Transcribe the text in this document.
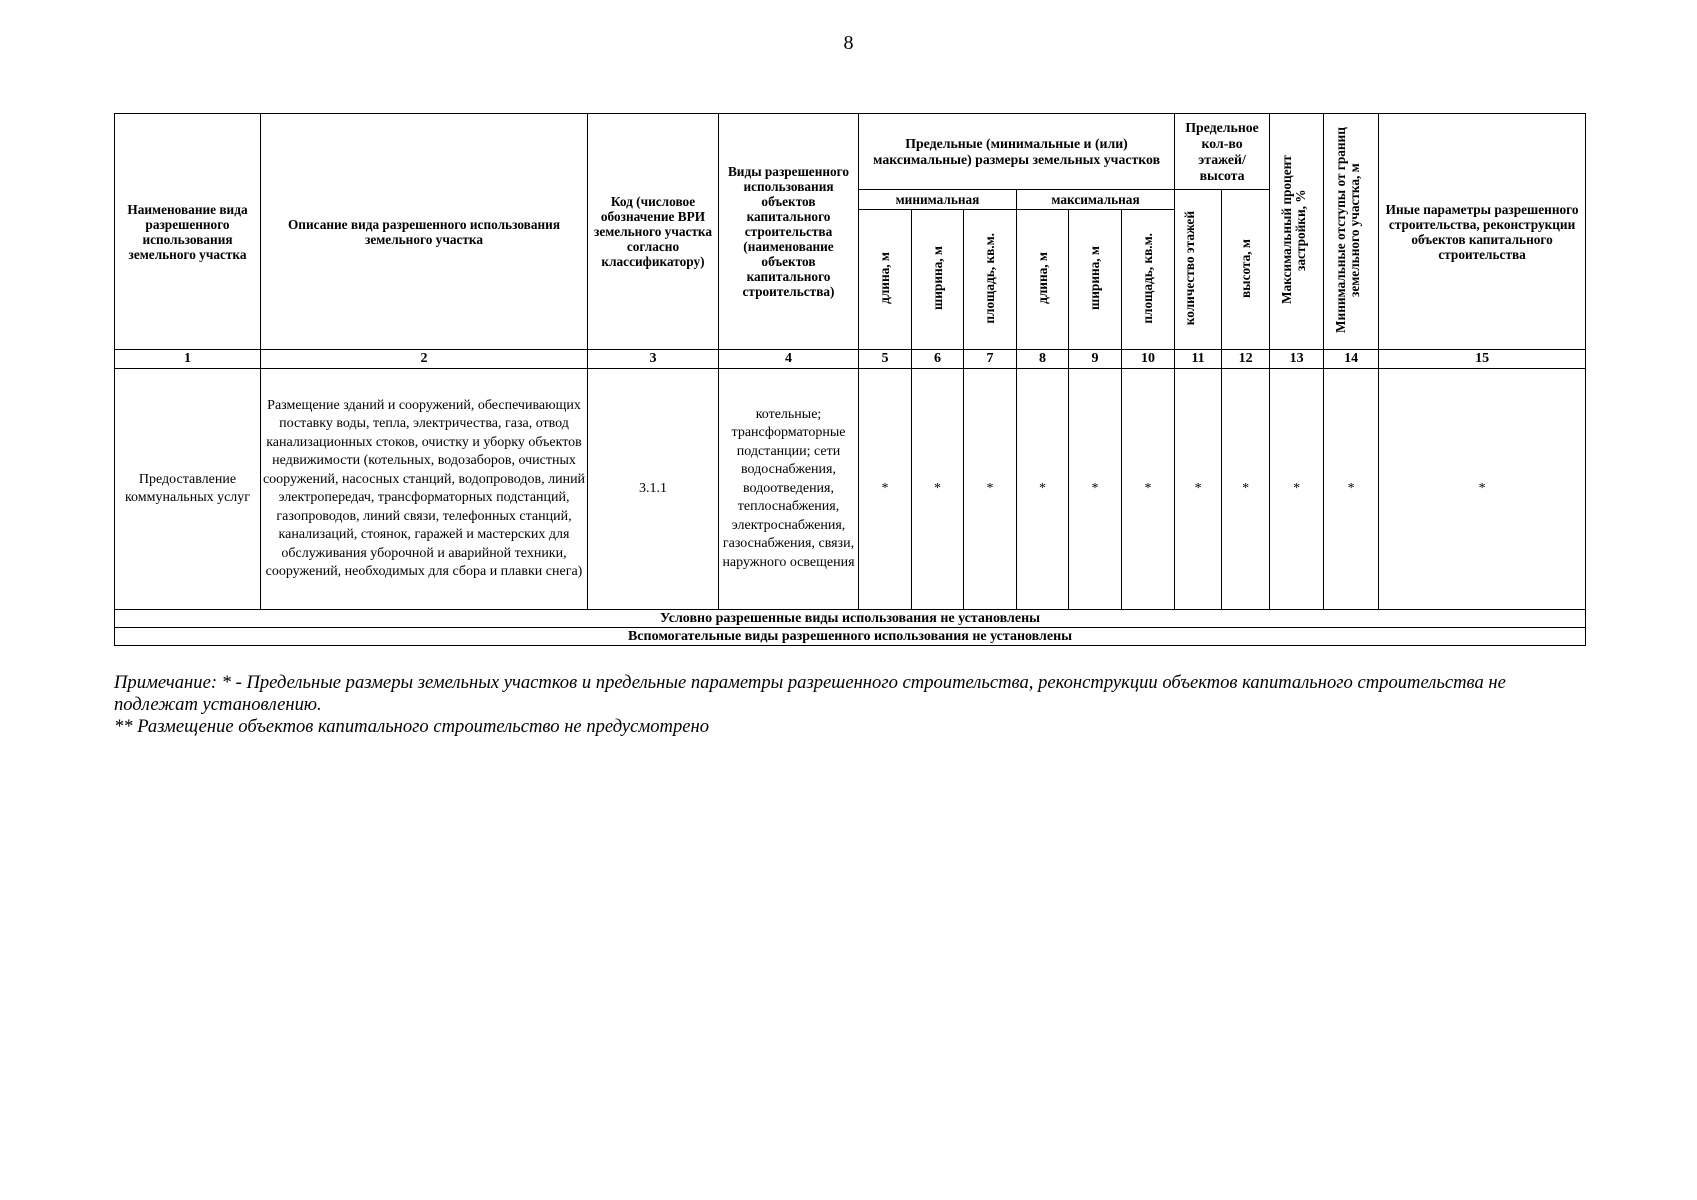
8
Наименование вида разрешенного использования земельного участка	Описание вида разрешенного использования земельного участка	Код (числовое обозначение ВРИ земельного участка согласно классификатору)	Виды разрешенного использования объектов капитального строительства (наименование объектов капитального строительства)	Предельные (минимальные и (или) максимальные) размеры земельных участков						Предельное кол-во этажей/ высота		Максимальный процент застройки, %	Минимальные отступы от границ земельного участка, м	Иные параметры разрешенного строительства, реконструкции объектов капитального строительства
				минимальная			максимальная			количество этажей	высота, м			
				длина, м	ширина, м	площадь, кв.м.	длина, м	ширина, м	площадь, кв.м.					
1	2	3	4	5	6	7	8	9	10	11	12	13	14	15
Предоставление коммунальных услуг	Размещение зданий и сооружений, обеспечивающих поставку воды, тепла, электричества, газа, отвод канализационных стоков, очистку и уборку объектов недвижимости (котельных, водозаборов, очистных сооружений, насосных станций, водопроводов, линий электропередач, трансформаторных подстанций, газопроводов, линий связи, телефонных станций, канализаций, стоянок, гаражей и мастерских для обслуживания уборочной и аварийной техники, сооружений, необходимых для сбора и плавки снега)	3.1.1	котельные; трансформаторные подстанции; сети водоснабжения, водоотведения, теплоснабжения, электроснабжения, газоснабжения, связи, наружного освещения	*	*	*	*	*	*	*	*	*	*	*
Условно разрешенные виды использования не установлены														
Вспомогательные виды разрешенного использования не установлены														

Примечание: * - Предельные размеры земельных участков и предельные параметры разрешенного строительства, реконструкции объектов капитального строительства не подлежат установлению.

** Размещение объектов капитального строительство не предусмотрено
